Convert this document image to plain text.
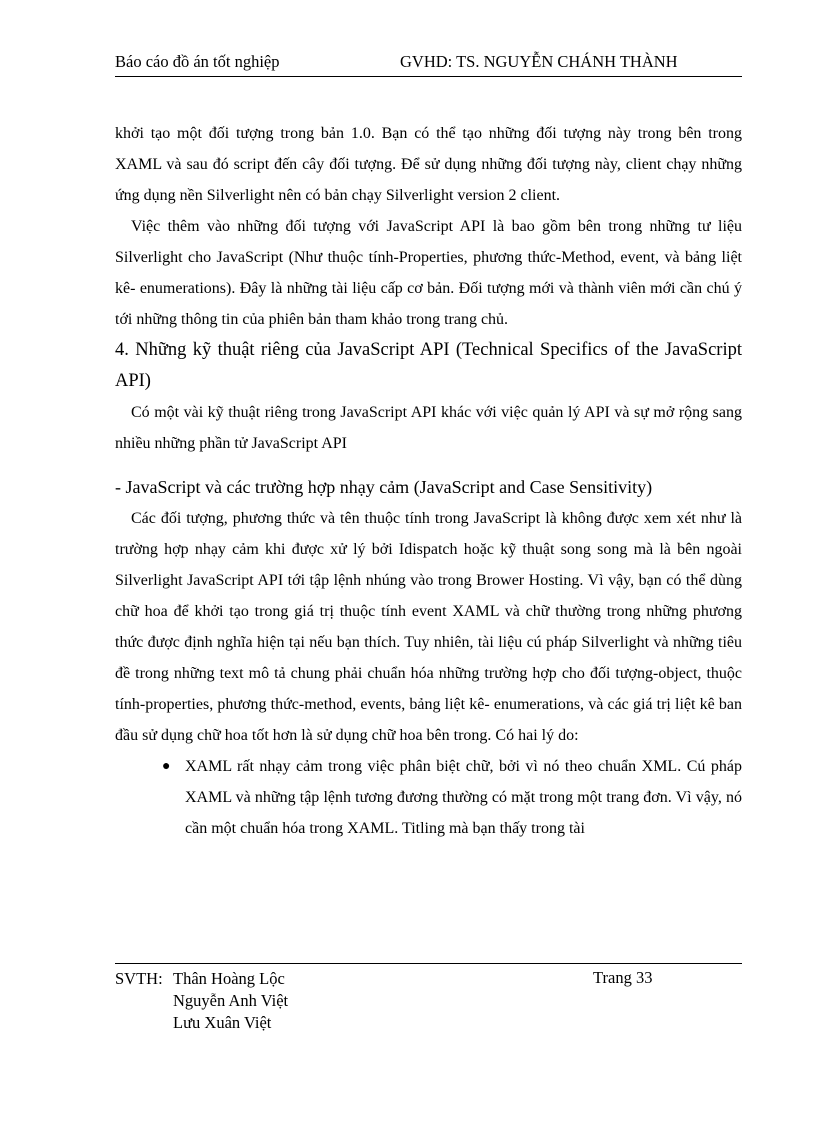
Báo cáo đồ án tốt nghiệp	GVHD: TS. NGUYỄN CHÁNH THÀNH

khởi tạo một đối tượng trong bản 1.0. Bạn có thể tạo những đối tượng này trong bên trong XAML và sau đó script đến cây đối tượng. Để sử dụng những đối tượng này, client chạy những ứng dụng nền Silverlight nên có bản chạy Silverlight version 2 client.

Việc thêm vào những đối tượng với JavaScript API là bao gồm bên trong những tư liệu Silverlight cho JavaScript (Như thuộc tính-Properties, phương thức-Method, event, và bảng liệt kê- enumerations). Đây là những tài liệu cấp cơ bản. Đối tượng mới và thành viên mới cần chú ý tới những thông tin của phiên bản tham khảo trong trang chủ.

4. Những kỹ thuật riêng của JavaScript API (Technical Specifics of the JavaScript API)

Có một vài kỹ thuật riêng trong JavaScript API khác với việc quản lý API và sự mở rộng sang nhiều những phần tử JavaScript API

- JavaScript và các trường hợp nhạy cảm (JavaScript and Case Sensitivity)

Các đối tượng, phương thức và tên thuộc tính trong JavaScript là không được xem xét như là trường hợp nhạy cảm khi được xử lý bởi Idispatch hoặc kỹ thuật song song mà là bên ngoài Silverlight JavaScript API tới tập lệnh nhúng vào trong Brower Hosting. Vì vậy, bạn có thể dùng chữ hoa để khởi tạo trong giá trị thuộc tính event XAML và chữ thường trong những phương thức được định nghĩa hiện tại nếu bạn thích. Tuy nhiên, tài liệu cú pháp Silverlight và những tiêu đề trong những text mô tả chung phải chuẩn hóa những trường hợp cho đối tượng-object, thuộc tính-properties, phương thức-method, events, bảng liệt kê- enumerations, và các giá trị liệt kê ban đầu sử dụng chữ hoa tốt hơn là sử dụng chữ hoa bên trong. Có hai lý do:

● XAML rất nhạy cảm trong việc phân biệt chữ, bởi vì nó theo chuẩn XML. Cú pháp XAML và những tập lệnh tương đương thường có mặt trong một trang đơn. Vì vậy, nó cần một chuẩn hóa trong XAML. Titling mà bạn thấy trong tài
SVTH: Thân Hoàng Lộc
Nguyễn Anh Việt
Lưu Xuân Việt
Trang 33
